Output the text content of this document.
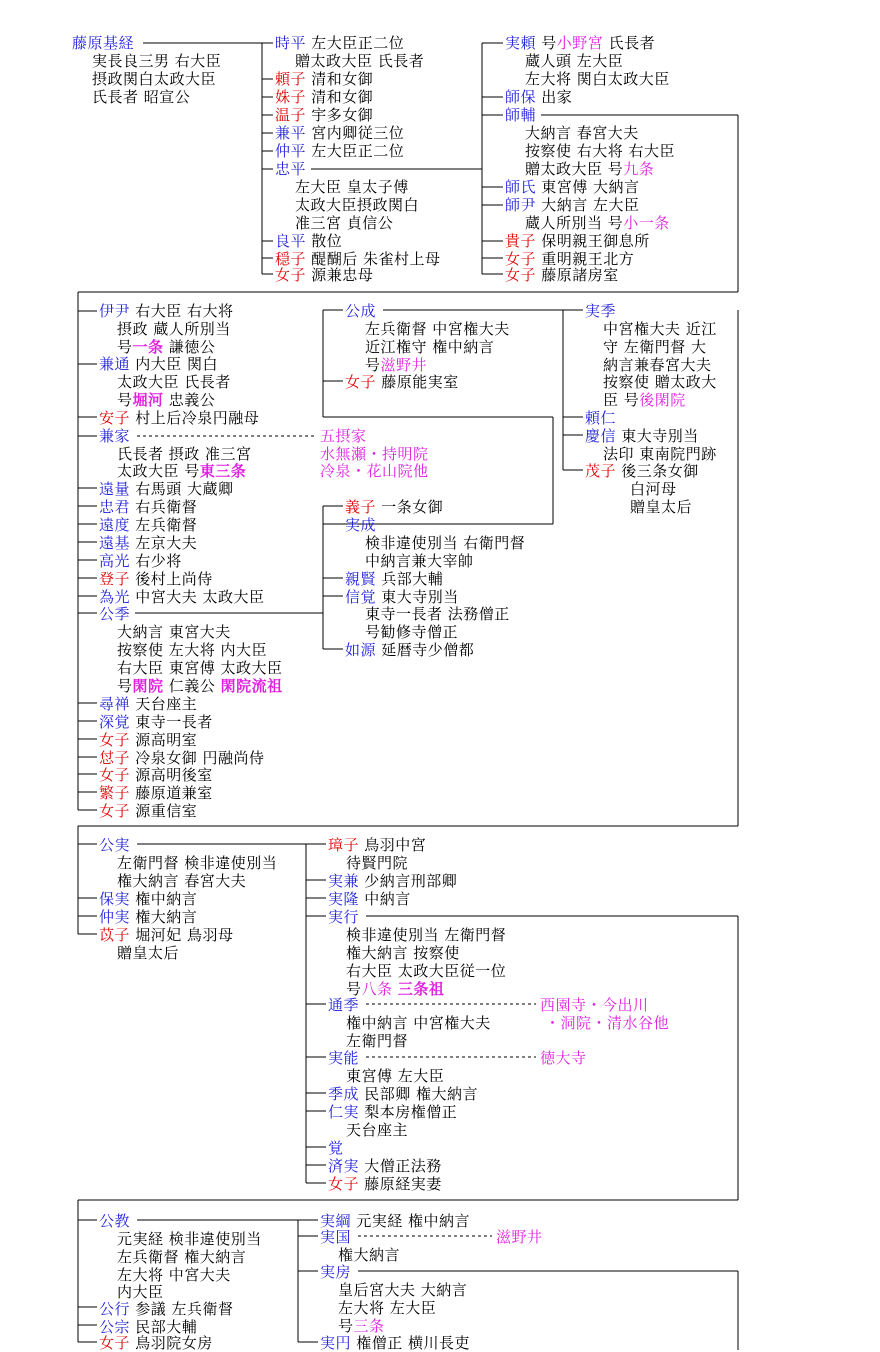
藤原基経
実長良三男 右大臣
摂政関白太政大臣
氏長者 昭宣公
時平 左大臣正二位
贈太政大臣 氏長者
頼子 清和女御
姝子 清和女御
温子 宇多女御
兼平 宮内卿従三位
仲平 左大臣正二位
忠平
左大臣 皇太子傅
太政大臣摂政関白
准三宮 貞信公
良平 散位
穏子 醍醐后 朱雀村上母
女子 源兼忠母
実頼 号小野宮 氏長者
蔵人頭 左大臣
左大将 関白太政大臣
師保 出家
師輔
大納言 春宮大夫
按察使 右大将 右大臣
贈太政大臣 号九条
師氏 東宮傅 大納言
師尹 大納言 左大臣
蔵人所別当 号小一条
貴子 保明親王御息所
女子 重明親王北方
女子 藤原諸房室
伊尹 右大臣 右大将
摂政 蔵人所別当
号一条 謙徳公
兼通 内大臣 関白
太政大臣 氏長者
号堀河 忠義公
安子 村上后冷泉円融母
兼家
氏長者 摂政 准三宮
太政大臣 号東三条
遠量 右馬頭 大蔵卿
忠君 右兵衛督
遠度 左兵衛督
遠基 左京大夫
高光 右少将
登子 後村上尚侍
為光 中宮大夫 太政大臣
公季
大納言 東宮大夫
按察使 左大将 内大臣
右大臣 東宮傅 太政大臣
号閑院 仁義公 閑院流祖
尋禅 天台座主
深覚 東寺一長者
女子 源高明室
怤子 冷泉女御 円融尚侍
女子 源高明後室
繁子 藤原道兼室
女子 源重信室
五摂家
水無瀬・持明院
冷泉・花山院他
公成
左兵衛督 中宮権大夫
近江権守 権中納言
号滋野井
女子 藤原能実室
義子 一条女御
実成
検非違使別当 右衛門督
中納言兼大宰帥
親賢 兵部大輔
信覚 東大寺別当
東寺一長者 法務僧正
号勧修寺僧正
如源 延暦寺少僧都
実季
中宮権大夫 近江
守 左衛門督 大
納言兼春宮大夫
按察使 贈太政大
臣 号後閑院
頼仁
慶信 東大寺別当
法印 東南院門跡
茂子 後三条女御
白河母
贈皇太后
公実
左衛門督 検非違使別当
権大納言 春宮大夫
保実 権中納言
仲実 権大納言
苡子 堀河妃 鳥羽母
贈皇太后
璋子 鳥羽中宮
待賢門院
実兼 少納言刑部卿
実隆 中納言
実行
検非違使別当 左衛門督
権大納言 按察使
右大臣 太政大臣従一位
号八条 三条祖
通季
権中納言 中宮権大夫
左衛門督
実能
東宮傅 左大臣
季成 民部卿 権大納言
仁実 梨本房権僧正
天台座主
覚
済実 大僧正法務
女子 藤原経実妻
西園寺・今出川
・洞院・清水谷他
徳大寺
公教
元実経 検非違使別当
左兵衛督 権大納言
左大将 中宮大夫
内大臣
公行 参議 左兵衛督
公宗 民部大輔
女子 鳥羽院女房
実綱 元実経 権中納言
実国
権大納言
実房
皇后宮大夫 大納言
左大将 左大臣
号三条
実円 権僧正 横川長吏
滋野井
